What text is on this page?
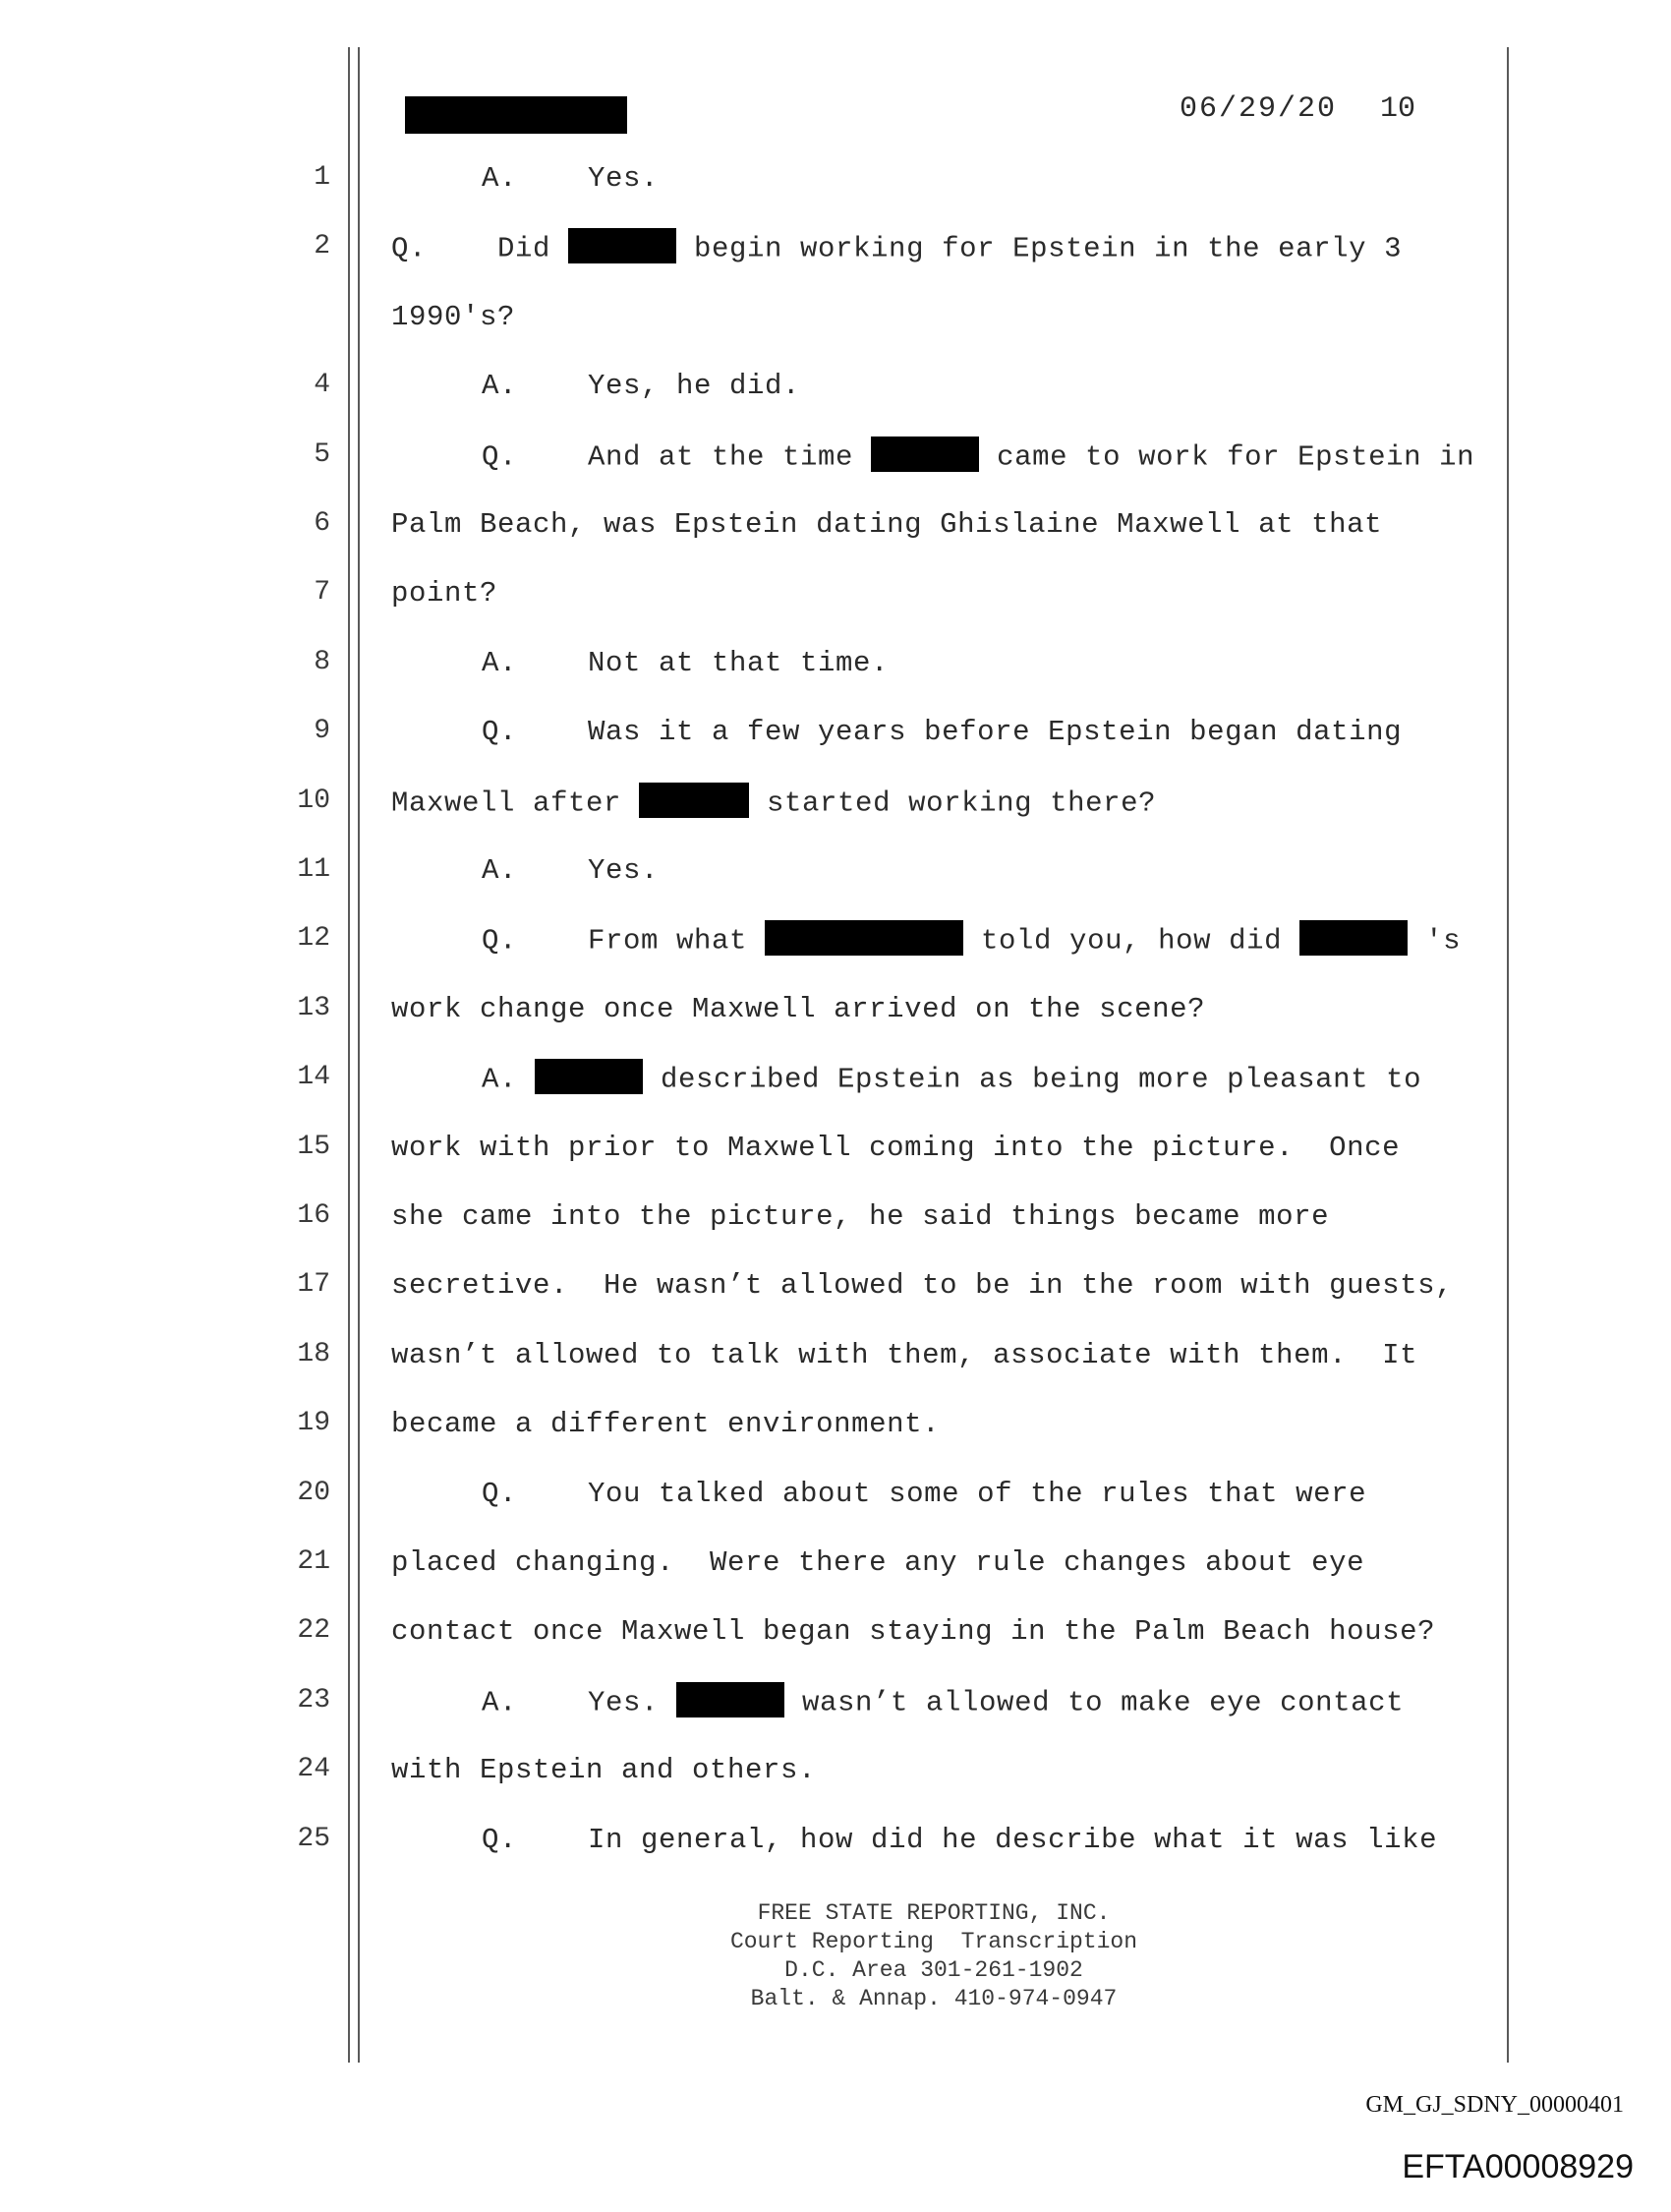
06/29/20 10
1	A.    Yes.
2 Q.    Did	begin working for Epstein in the early 3
1990's?
4	A.    Yes, he did.
5	Q.    And at the time	came to work for Epstein in
6 Palm Beach, was Epstein dating Ghislaine Maxwell at that
7 point?
8	A.    Not at that time.
9	Q.    Was it a few years before Epstein began dating
10 Maxwell after	started working there?
11	A.    Yes.
12	Q.    From what	told you, how did	's
13 work change once Maxwell arrived on the scene?
14	A.	described Epstein as being more pleasant to
15 work with prior to Maxwell coming into the picture.  Once
16 she came into the picture, he said things became more
17 secretive.  He wasn’t allowed to be in the room with guests,
18 wasn’t allowed to talk with them, associate with them.  It
19 became a different environment.
20	Q.    You talked about some of the rules that were
21 placed changing.  Were there any rule changes about eye
22 contact once Maxwell began staying in the Palm Beach house?
23	A.    Yes.	wasn’t allowed to make eye contact
24 with Epstein and others.
25	Q.    In general, how did he describe what it was like
FREE STATE REPORTING, INC.
Court Reporting  Transcription
D.C. Area 301-261-1902
Balt. & Annap. 410-974-0947
GM_GJ_SDNY_00000401
EFTA00008929
